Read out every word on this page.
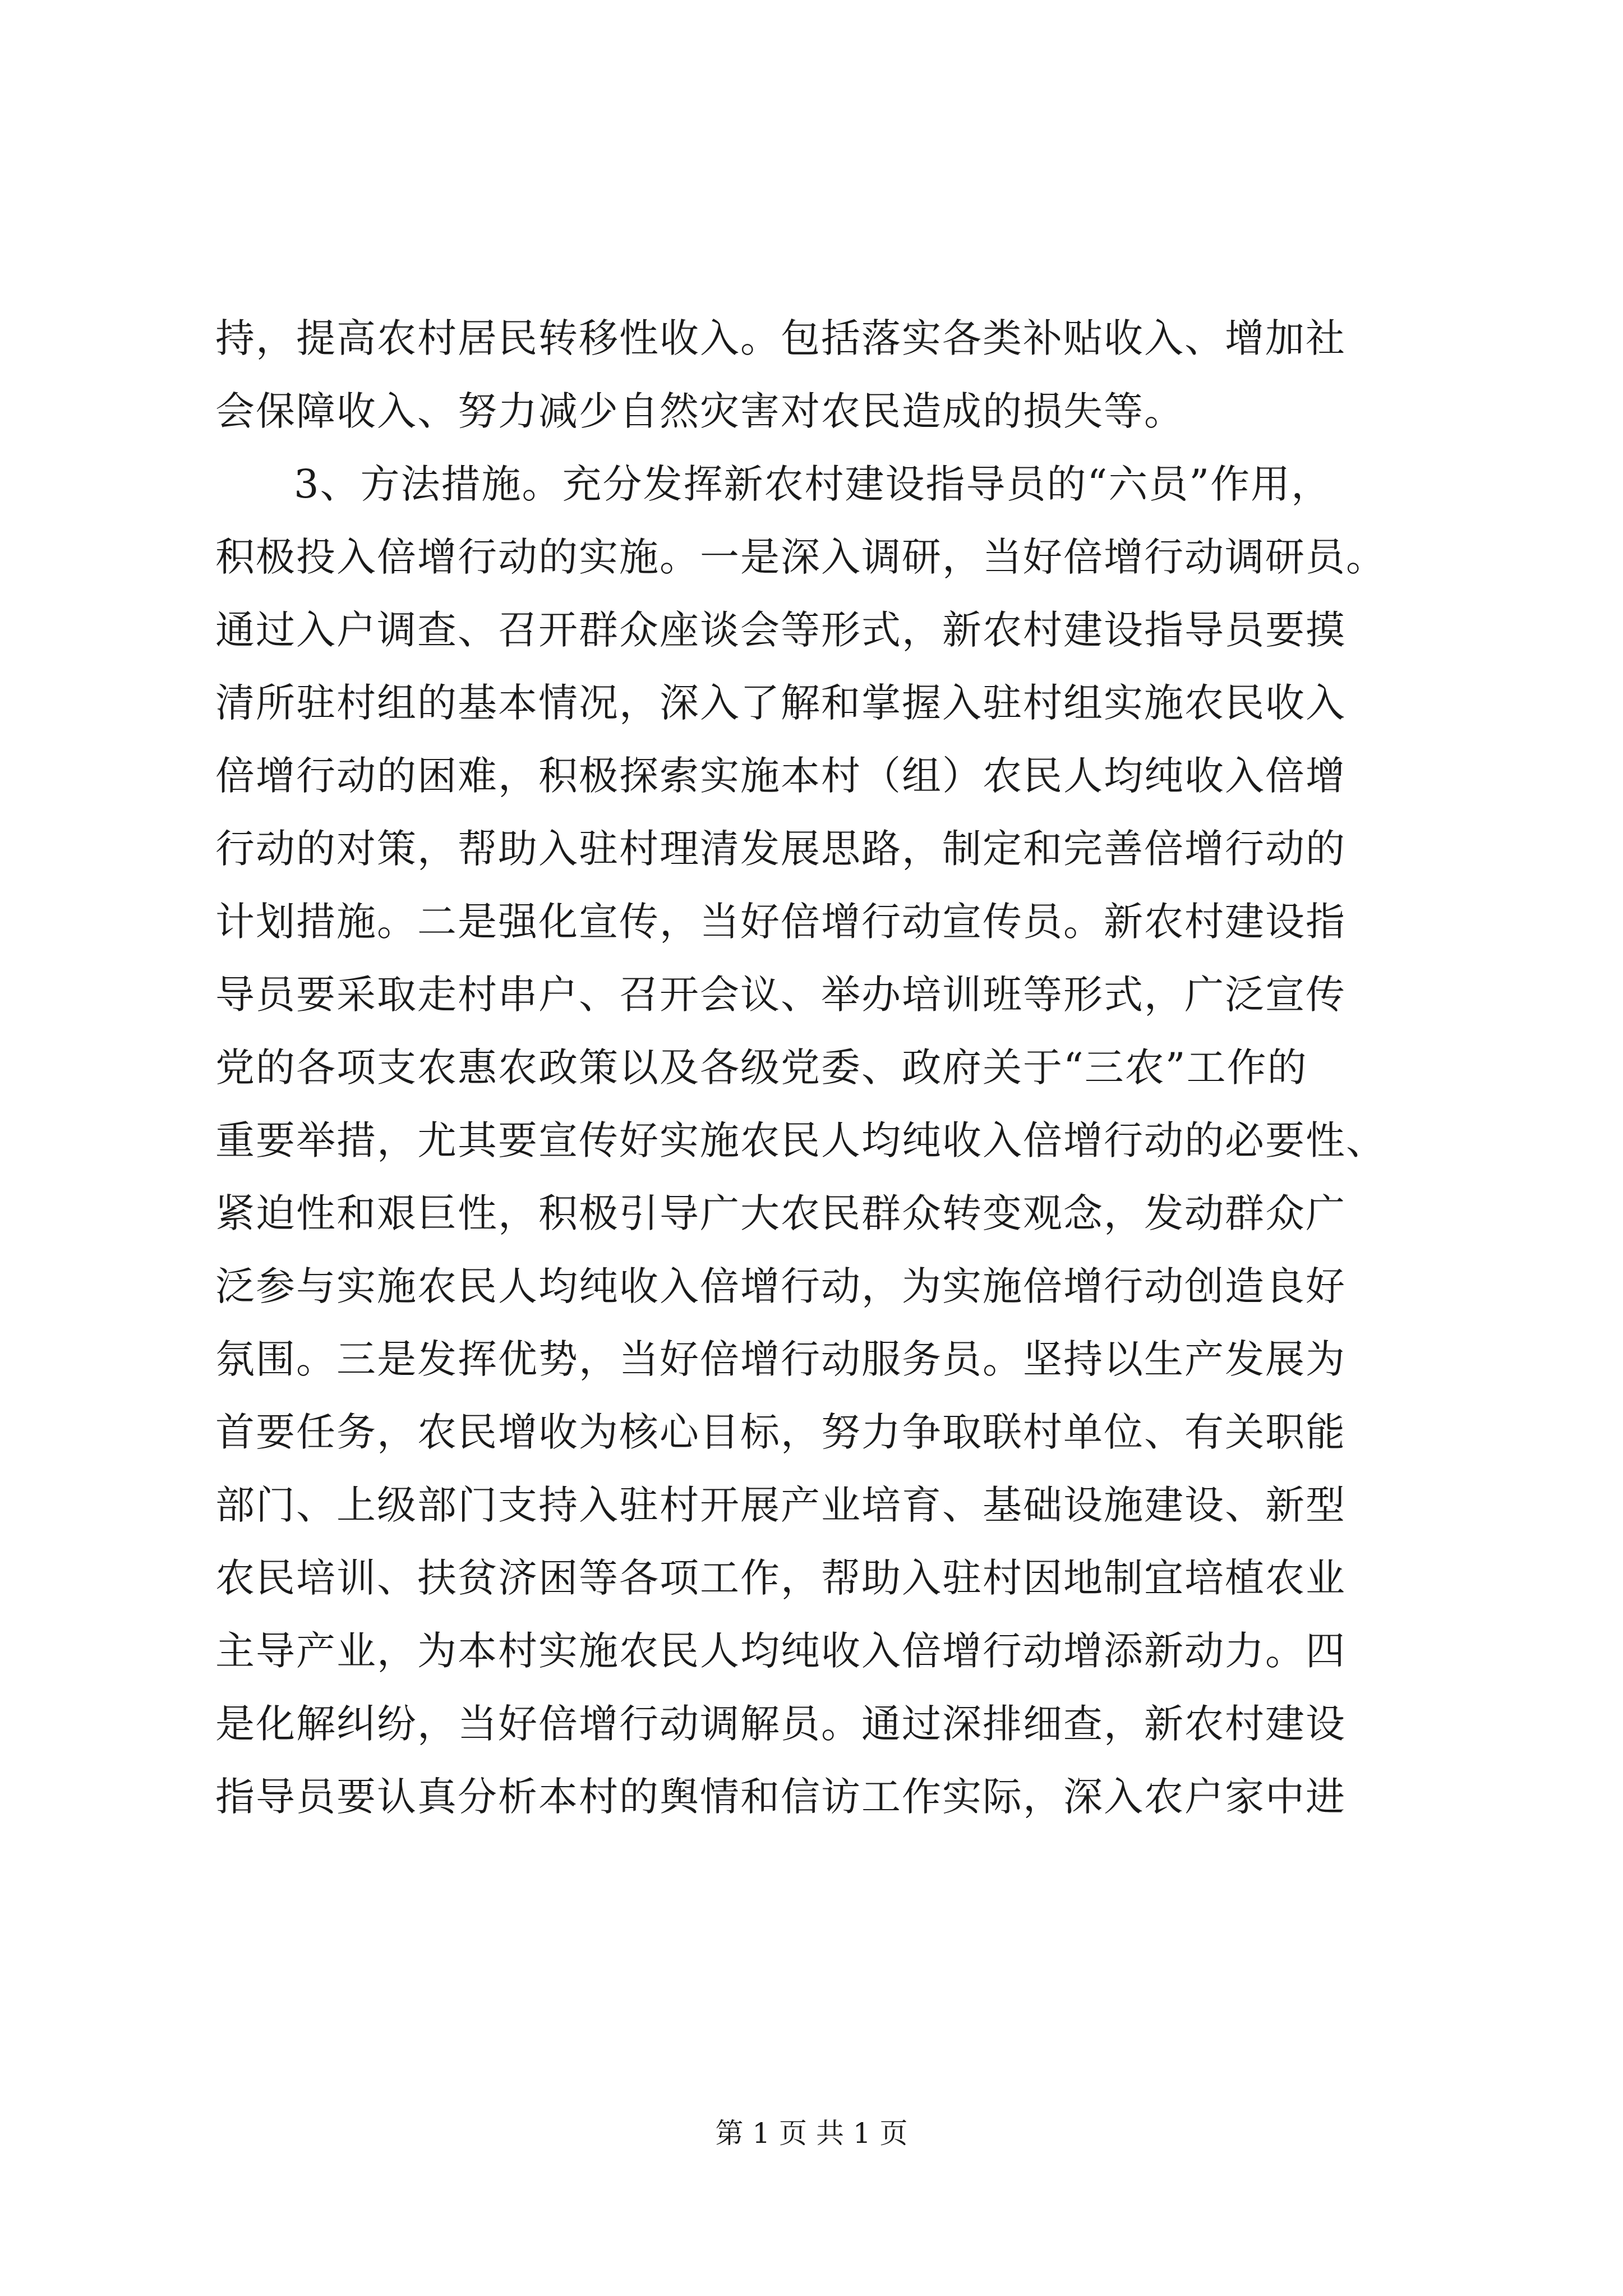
持，提高农村居民转移性收入。包括落实各类补贴收入、增加社
会保障收入、努力减少自然灾害对农民造成的损失等。
3、方法措施。充分发挥新农村建设指导员的“六员”作用，
积极投入倍增行动的实施。一是深入调研，当好倍增行动调研员。
通过入户调查、召开群众座谈会等形式，新农村建设指导员要摸
清所驻村组的基本情况，深入了解和掌握入驻村组实施农民收入
倍增行动的困难，积极探索实施本村（组）农民人均纯收入倍增
行动的对策，帮助入驻村理清发展思路，制定和完善倍增行动的
计划措施。二是强化宣传，当好倍增行动宣传员。新农村建设指
导员要采取走村串户、召开会议、举办培训班等形式，广泛宣传
党的各项支农惠农政策以及各级党委、政府关于“三农”工作的
重要举措，尤其要宣传好实施农民人均纯收入倍增行动的必要性、
紧迫性和艰巨性，积极引导广大农民群众转变观念，发动群众广
泛参与实施农民人均纯收入倍增行动，为实施倍增行动创造良好
氛围。三是发挥优势，当好倍增行动服务员。坚持以生产发展为
首要任务，农民增收为核心目标，努力争取联村单位、有关职能
部门、上级部门支持入驻村开展产业培育、基础设施建设、新型
农民培训、扶贫济困等各项工作，帮助入驻村因地制宜培植农业
主导产业，为本村实施农民人均纯收入倍增行动增添新动力。四
是化解纠纷，当好倍增行动调解员。通过深排细查，新农村建设
指导员要认真分析本村的舆情和信访工作实际，深入农户家中进
第 1 页 共 1 页
